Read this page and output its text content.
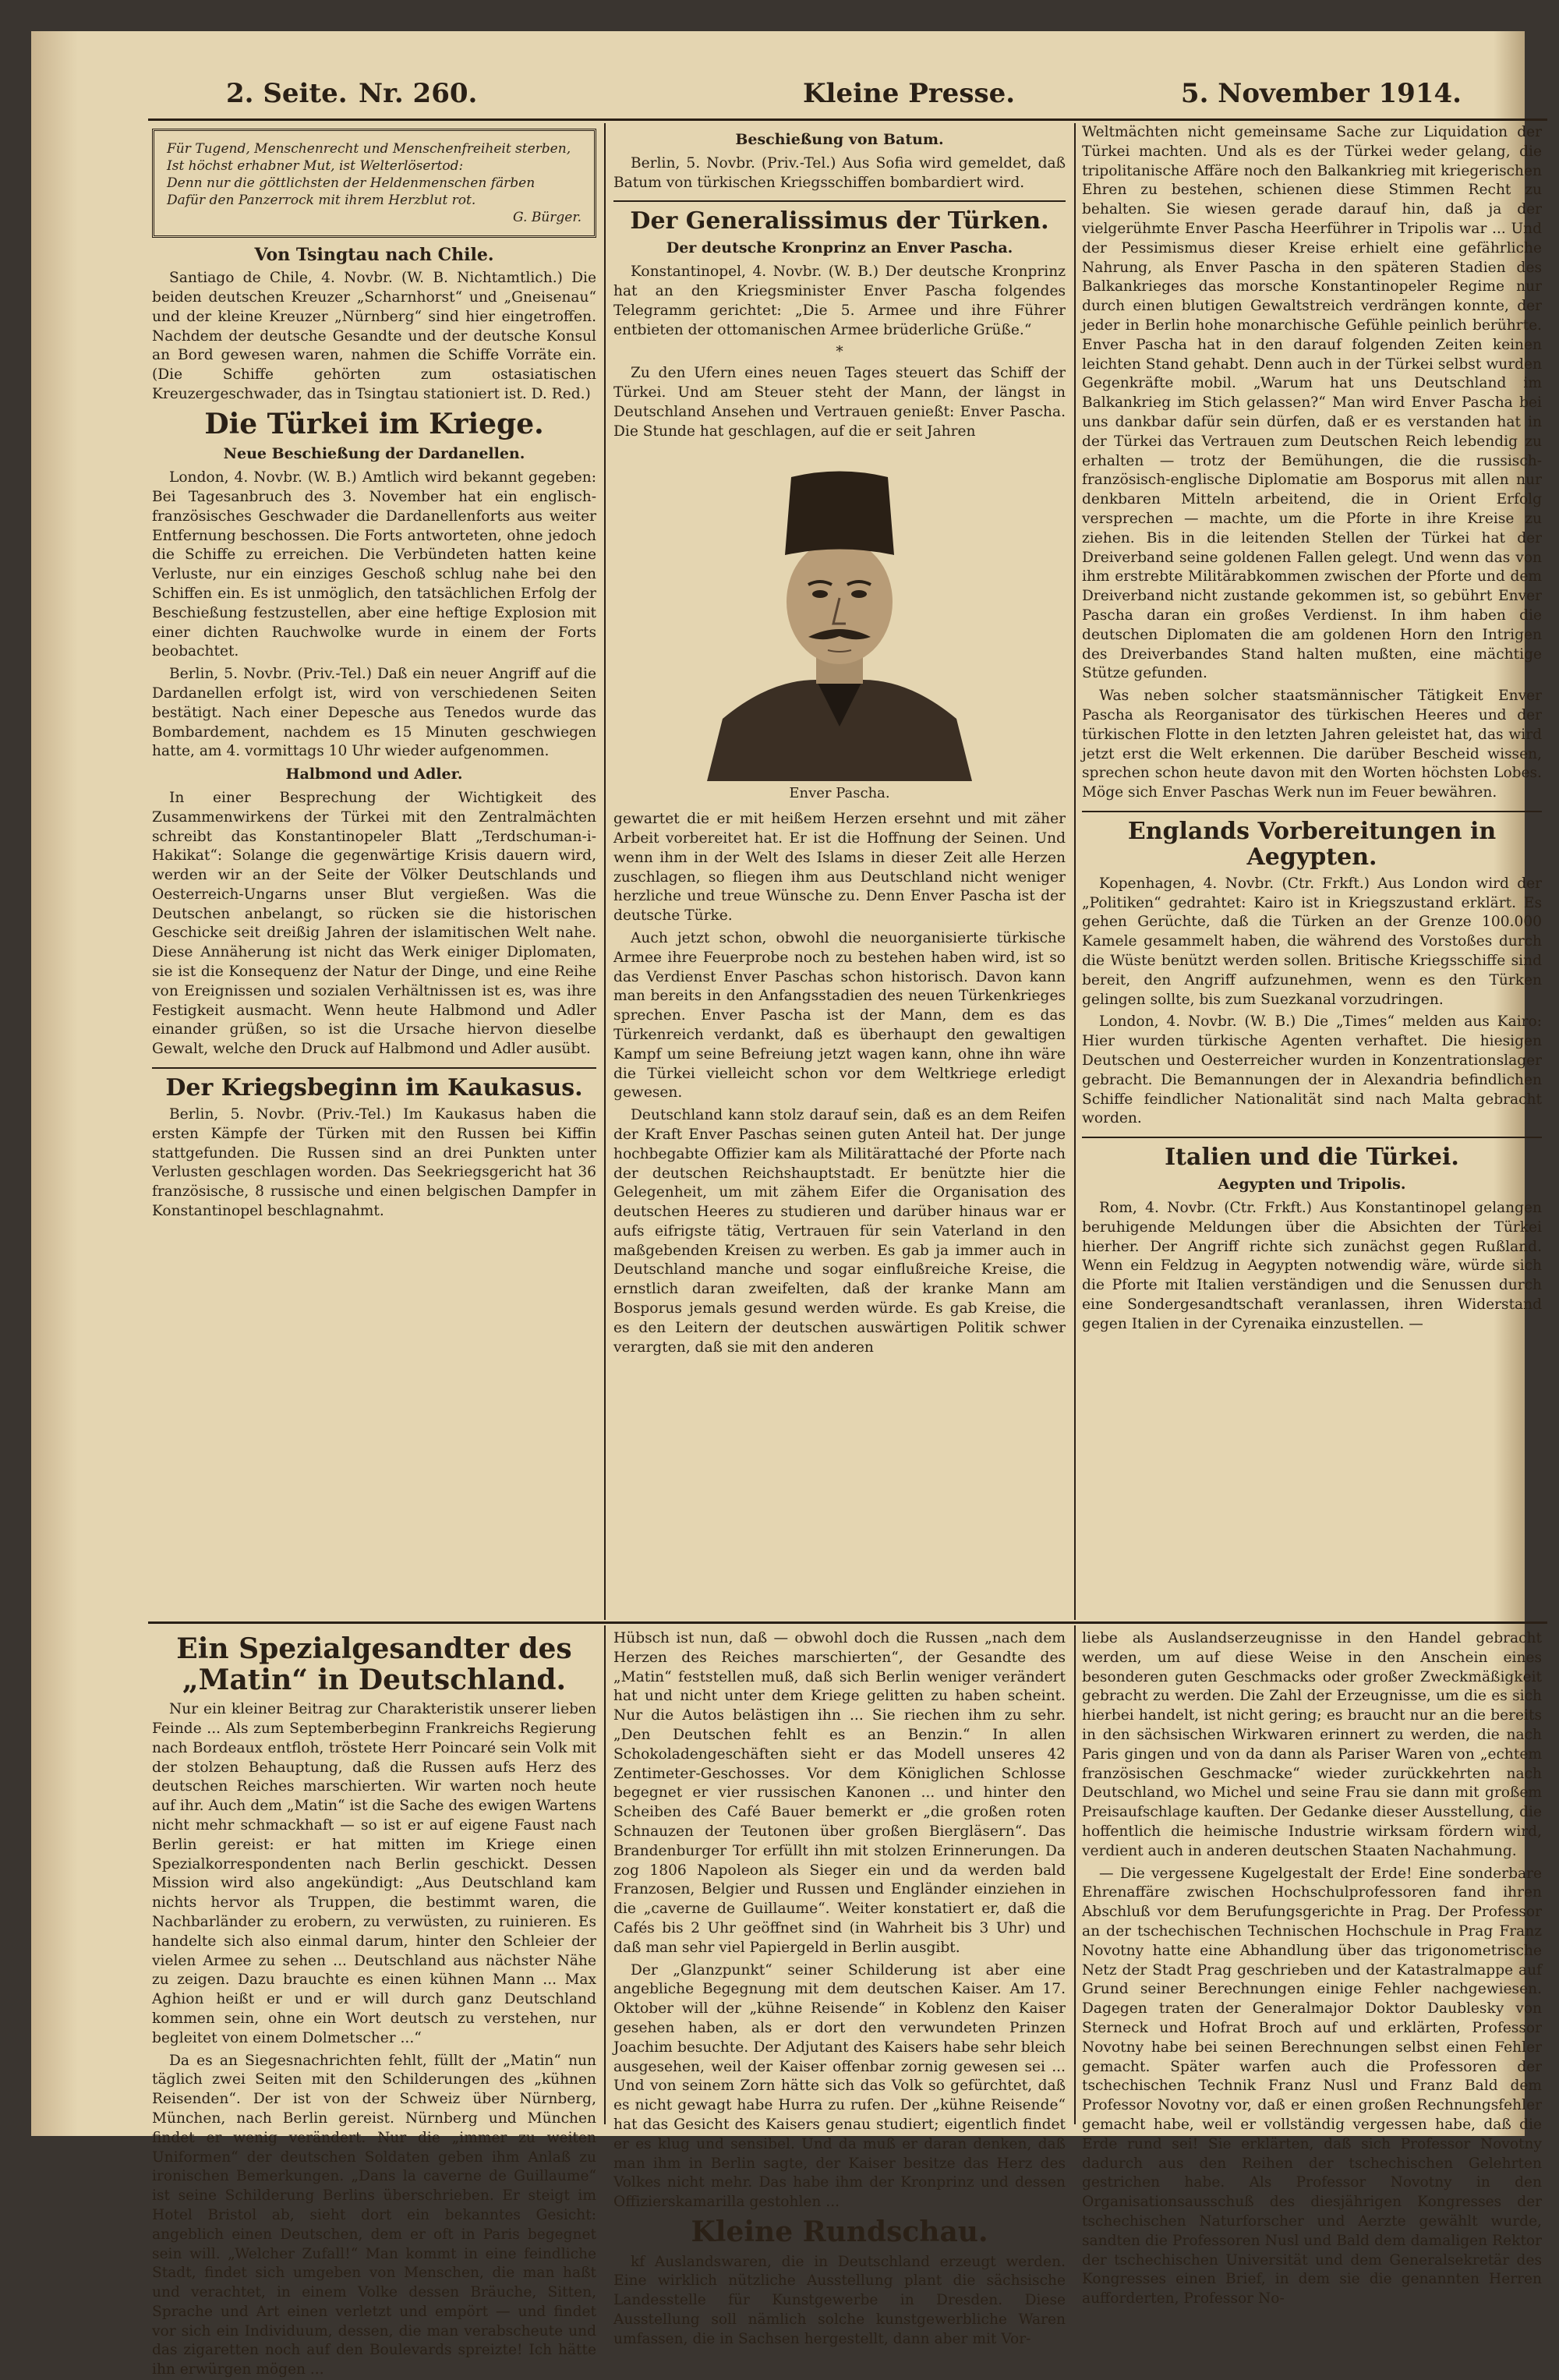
2. Seite. Nr. 260.	Kleine Presse.	5. November 1914.
Für Tugend, Menschenrecht und Menschenfreiheit sterben,
Ist höchst erhabner Mut, ist Welterlösertod:
Denn nur die göttlichsten der Heldenmenschen färben
Dafür den Panzerrock mit ihrem Herzblut rot.
G. Bürger.
Von Tsingtau nach Chile.

Santiago de Chile, 4. Novbr. (W. B. Nichtamtlich.) Die beiden deutschen Kreuzer „Scharnhorst“ und „Gneisenau“ und der kleine Kreuzer „Nürnberg“ sind hier eingetroffen. Nachdem der deutsche Gesandte und der deutsche Konsul an Bord gewesen waren, nahmen die Schiffe Vorräte ein. (Die Schiffe gehörten zum ostasiatischen Kreuzergeschwader, das in Tsingtau stationiert ist. D. Red.)

Die Türkei im Kriege.
Neue Beschießung der Dardanellen.

London, 4. Novbr. (W. B.) Amtlich wird bekannt gegeben: Bei Tagesanbruch des 3. November hat ein englisch-französisches Geschwader die Dardanellenforts aus weiter Entfernung beschossen. Die Forts antworteten, ohne jedoch die Schiffe zu erreichen. Die Verbündeten hatten keine Verluste, nur ein einziges Geschoß schlug nahe bei den Schiffen ein. Es ist unmöglich, den tatsächlichen Erfolg der Beschießung festzustellen, aber eine heftige Explosion mit einer dichten Rauchwolke wurde in einem der Forts beobachtet.

Berlin, 5. Novbr. (Priv.-Tel.) Daß ein neuer Angriff auf die Dardanellen erfolgt ist, wird von verschiedenen Seiten bestätigt. Nach einer Depesche aus Tenedos wurde das Bombardement, nachdem es 15 Minuten geschwiegen hatte, am 4. vormittags 10 Uhr wieder aufgenommen.

Halbmond und Adler.

In einer Besprechung der Wichtigkeit des Zusammenwirkens der Türkei mit den Zentralmächten schreibt das Konstantinopeler Blatt „Terdschuman-i-Hakikat“: Solange die gegenwärtige Krisis dauern wird, werden wir an der Seite der Völker Deutschlands und Oesterreich-Ungarns unser Blut vergießen. Was die Deutschen anbelangt, so rücken sie die historischen Geschicke seit dreißig Jahren der islamitischen Welt nahe. Diese Annäherung ist nicht das Werk einiger Diplomaten, sie ist die Konsequenz der Natur der Dinge, und eine Reihe von Ereignissen und sozialen Verhältnissen ist es, was ihre Festigkeit ausmacht. Wenn heute Halbmond und Adler einander grüßen, so ist die Ursache hiervon dieselbe Gewalt, welche den Druck auf Halbmond und Adler ausübt.

Der Kriegsbeginn im Kaukasus.

Berlin, 5. Novbr. (Priv.-Tel.) Im Kaukasus haben die ersten Kämpfe der Türken mit den Russen bei Kiffin stattgefunden. Die Russen sind an drei Punkten unter Verlusten geschlagen worden. Das Seekriegsgericht hat 36 französische, 8 russische und einen belgischen Dampfer in Konstantinopel beschlagnahmt.

Beschießung von Batum.

Berlin, 5. Novbr. (Priv.-Tel.) Aus Sofia wird gemeldet, daß Batum von türkischen Kriegsschiffen bombardiert wird.

Der Generalissimus der Türken.
Der deutsche Kronprinz an Enver Pascha.

Konstantinopel, 4. Novbr. (W. B.) Der deutsche Kronprinz hat an den Kriegsminister Enver Pascha folgendes Telegramm gerichtet: „Die 5. Armee und ihre Führer entbieten der ottomanischen Armee brüderliche Grüße.“

*

Zu den Ufern eines neuen Tages steuert das Schiff der Türkei. Und am Steuer steht der Mann, der längst in Deutschland Ansehen und Vertrauen genießt: Enver Pascha. Die Stunde hat geschlagen, auf die er seit Jahren

Enver Pascha.

gewartet die er mit heißem Herzen ersehnt und mit zäher Arbeit vorbereitet hat. Er ist die Hoffnung der Seinen. Und wenn ihm in der Welt des Islams in dieser Zeit alle Herzen zuschlagen, so fliegen ihm aus Deutschland nicht weniger herzliche und treue Wünsche zu. Denn Enver Pascha ist der deutsche Türke.

Auch jetzt schon, obwohl die neuorganisierte türkische Armee ihre Feuerprobe noch zu bestehen haben wird, ist so das Verdienst Enver Paschas schon historisch. Davon kann man bereits in den Anfangsstadien des neuen Türkenkrieges sprechen. Enver Pascha ist der Mann, dem es das Türkenreich verdankt, daß es überhaupt den gewaltigen Kampf um seine Befreiung jetzt wagen kann, ohne ihn wäre die Türkei vielleicht schon vor dem Weltkriege erledigt gewesen.

Deutschland kann stolz darauf sein, daß es an dem Reifen der Kraft Enver Paschas seinen guten Anteil hat. Der junge hochbegabte Offizier kam als Militärattaché der Pforte nach der deutschen Reichshauptstadt. Er benützte hier die Gelegenheit, um mit zähem Eifer die Organisation des deutschen Heeres zu studieren und darüber hinaus war er aufs eifrigste tätig, Vertrauen für sein Vaterland in den maßgebenden Kreisen zu werben. Es gab ja immer auch in Deutschland manche und sogar einflußreiche Kreise, die ernstlich daran zweifelten, daß der kranke Mann am Bosporus jemals gesund werden würde. Es gab Kreise, die es den Leitern der deutschen auswärtigen Politik schwer verargten, daß sie mit den anderen

Weltmächten nicht gemeinsame Sache zur Liquidation der Türkei machten. Und als es der Türkei weder gelang, die tripolitanische Affäre noch den Balkankrieg mit kriegerischen Ehren zu bestehen, schienen diese Stimmen Recht zu behalten. Sie wiesen gerade darauf hin, daß ja der vielgerühmte Enver Pascha Heerführer in Tripolis war ... Und der Pessimismus dieser Kreise erhielt eine gefährliche Nahrung, als Enver Pascha in den späteren Stadien des Balkankrieges das morsche Konstantinopeler Regime nur durch einen blutigen Gewaltstreich verdrängen konnte, der jeder in Berlin hohe monarchische Gefühle peinlich berührte. Enver Pascha hat in den darauf folgenden Zeiten keinen leichten Stand gehabt. Denn auch in der Türkei selbst wurden Gegenkräfte mobil. „Warum hat uns Deutschland im Balkankrieg im Stich gelassen?“ Man wird Enver Pascha bei uns dankbar dafür sein dürfen, daß er es verstanden hat in der Türkei das Vertrauen zum Deutschen Reich lebendig zu erhalten — trotz der Bemühungen, die die russisch-französisch-englische Diplomatie am Bosporus mit allen nur denkbaren Mitteln arbeitend, die in Orient Erfolg versprechen — machte, um die Pforte in ihre Kreise zu ziehen. Bis in die leitenden Stellen der Türkei hat der Dreiverband seine goldenen Fallen gelegt. Und wenn das von ihm erstrebte Militärabkommen zwischen der Pforte und dem Dreiverband nicht zustande gekommen ist, so gebührt Enver Pascha daran ein großes Verdienst. In ihm haben die deutschen Diplomaten die am goldenen Horn den Intrigen des Dreiverbandes Stand halten mußten, eine mächtige Stütze gefunden.

Was neben solcher staatsmännischer Tätigkeit Enver Pascha als Reorganisator des türkischen Heeres und der türkischen Flotte in den letzten Jahren geleistet hat, das wird jetzt erst die Welt erkennen. Die darüber Bescheid wissen, sprechen schon heute davon mit den Worten höchsten Lobes. Möge sich Enver Paschas Werk nun im Feuer bewähren.

Englands Vorbereitungen in Aegypten.

Kopenhagen, 4. Novbr. (Ctr. Frkft.) Aus London wird der „Politiken“ gedrahtet: Kairo ist in Kriegszustand erklärt. Es gehen Gerüchte, daß die Türken an der Grenze 100.000 Kamele gesammelt haben, die während des Vorstoßes durch die Wüste benützt werden sollen. Britische Kriegsschiffe sind bereit, den Angriff aufzunehmen, wenn es den Türken gelingen sollte, bis zum Suezkanal vorzudringen.

London, 4. Novbr. (W. B.) Die „Times“ melden aus Kairo: Hier wurden türkische Agenten verhaftet. Die hiesigen Deutschen und Oesterreicher wurden in Konzentrationslager gebracht. Die Bemannungen der in Alexandria befindlichen Schiffe feindlicher Nationalität sind nach Malta gebracht worden.

Italien und die Türkei.
Aegypten und Tripolis.

Rom, 4. Novbr. (Ctr. Frkft.) Aus Konstantinopel gelangen beruhigende Meldungen über die Absichten der Türkei hierher. Der Angriff richte sich zunächst gegen Rußland. Wenn ein Feldzug in Aegypten notwendig wäre, würde sich die Pforte mit Italien verständigen und die Senussen durch eine Sondergesandtschaft veranlassen, ihren Widerstand gegen Italien in der Cyrenaika einzustellen. —

Ein Spezialgesandter des „Matin“ in Deutschland.

Nur ein kleiner Beitrag zur Charakteristik unserer lieben Feinde ... Als zum Septemberbeginn Frankreichs Regierung nach Bordeaux entfloh, tröstete Herr Poincaré sein Volk mit der stolzen Behauptung, daß die Russen aufs Herz des deutschen Reiches marschierten. Wir warten noch heute auf ihr. Auch dem „Matin“ ist die Sache des ewigen Wartens nicht mehr schmackhaft — so ist er auf eigene Faust nach Berlin gereist: er hat mitten im Kriege einen Spezialkorrespondenten nach Berlin geschickt. Dessen Mission wird also angekündigt: „Aus Deutschland kam nichts hervor als Truppen, die bestimmt waren, die Nachbarländer zu erobern, zu verwüsten, zu ruinieren. Es handelte sich also einmal darum, hinter den Schleier der vielen Armee zu sehen ... Deutschland aus nächster Nähe zu zeigen. Dazu brauchte es einen kühnen Mann ... Max Aghion heißt er und er will durch ganz Deutschland kommen sein, ohne ein Wort deutsch zu verstehen, nur begleitet von einem Dolmetscher ...“

Da es an Siegesnachrichten fehlt, füllt der „Matin“ nun täglich zwei Seiten mit den Schilderungen des „kühnen Reisenden“. Der ist von der Schweiz über Nürnberg, München, nach Berlin gereist. Nürnberg und München findet er wenig verändert. Nur die „immer zu weiten Uniformen“ der deutschen Soldaten geben ihm Anlaß zu ironischen Bemerkungen. „Dans la caverne de Guillaume“ ist seine Schilderung Berlins überschrieben. Er steigt im Hotel Bristol ab, sieht dort ein bekanntes Gesicht: angeblich einen Deutschen, dem er oft in Paris begegnet sein will. „Welcher Zufall!“ Man kommt in eine feindliche Stadt, findet sich umgeben von Menschen, die man haßt und verachtet, in einem Volke dessen Bräuche, Sitten, Sprache und Art einen verletzt und empört — und findet vor sich ein Individuum, dessen, die man verabscheute und das zigaretten noch auf den Boulevards spreizte! Ich hätte ihn erwürgen mögen ...

Hübsch ist nun, daß — obwohl doch die Russen „nach dem Herzen des Reiches marschierten“, der Gesandte des „Matin“ feststellen muß, daß sich Berlin weniger verändert hat und nicht unter dem Kriege gelitten zu haben scheint. Nur die Autos belästigen ihn ... Sie riechen ihm zu sehr. „Den Deutschen fehlt es an Benzin.“ In allen Schokoladengeschäften sieht er das Modell unseres 42 Zentimeter-Geschosses. Vor dem Königlichen Schlosse begegnet er vier russischen Kanonen ... und hinter den Scheiben des Café Bauer bemerkt er „die großen roten Schnauzen der Teutonen über großen Biergläsern“. Das Brandenburger Tor erfüllt ihn mit stolzen Erinnerungen. Da zog 1806 Napoleon als Sieger ein und da werden bald Franzosen, Belgier und Russen und Engländer einziehen in die „caverne de Guillaume“. Weiter konstatiert er, daß die Cafés bis 2 Uhr geöffnet sind (in Wahrheit bis 3 Uhr) und daß man sehr viel Papiergeld in Berlin ausgibt.

Der „Glanzpunkt“ seiner Schilderung ist aber eine angebliche Begegnung mit dem deutschen Kaiser. Am 17. Oktober will der „kühne Reisende“ in Koblenz den Kaiser gesehen haben, als er dort den verwundeten Prinzen Joachim besuchte. Der Adjutant des Kaisers habe sehr bleich ausgesehen, weil der Kaiser offenbar zornig gewesen sei ... Und von seinem Zorn hätte sich das Volk so gefürchtet, daß es nicht gewagt habe Hurra zu rufen. Der „kühne Reisende“ hat das Gesicht des Kaisers genau studiert; eigentlich findet er es klug und sensibel. Und da muß er daran denken, daß man ihm in Berlin sagte, der Kaiser besitze das Herz des Volkes nicht mehr. Das habe ihm der Kronprinz und dessen Offizierskamarilla gestohlen ...

Kleine Rundschau.

kf Auslandswaren, die in Deutschland erzeugt werden. Eine wirklich nützliche Ausstellung plant die sächsische Landesstelle für Kunstgewerbe in Dresden. Diese Ausstellung soll nämlich solche kunstgewerbliche Waren umfassen, die in Sachsen hergestellt, dann aber mit Vor-

liebe als Auslandserzeugnisse in den Handel gebracht werden, um auf diese Weise in den Anschein eines besonderen guten Geschmacks oder großer Zweckmäßigkeit gebracht zu werden. Die Zahl der Erzeugnisse, um die es sich hierbei handelt, ist nicht gering; es braucht nur an die bereits in den sächsischen Wirkwaren erinnert zu werden, die nach Paris gingen und von da dann als Pariser Waren von „echtem französischen Geschmacke“ wieder zurückkehrten nach Deutschland, wo Michel und seine Frau sie dann mit großem Preisaufschlage kauften. Der Gedanke dieser Ausstellung, die hoffentlich die heimische Industrie wirksam fördern wird, verdient auch in anderen deutschen Staaten Nachahmung.

— Die vergessene Kugelgestalt der Erde! Eine sonderbare Ehrenaffäre zwischen Hochschulprofessoren fand ihren Abschluß vor dem Berufungsgerichte in Prag. Der Professor an der tschechischen Technischen Hochschule in Prag Franz Novotny hatte eine Abhandlung über das trigonometrische Netz der Stadt Prag geschrieben und der Katastralmappe auf Grund seiner Berechnungen einige Fehler nachgewiesen. Dagegen traten der Generalmajor Doktor Daublesky von Sterneck und Hofrat Broch auf und erklärten, Professor Novotny habe bei seinen Berechnungen selbst einen Fehler gemacht. Später warfen auch die Professoren der tschechischen Technik Franz Nusl und Franz Bald dem Professor Novotny vor, daß er einen großen Rechnungsfehler gemacht habe, weil er vollständig vergessen habe, daß die Erde rund sei! Sie erklärten, daß sich Professor Novotny dadurch aus den Reihen der tschechischen Gelehrten gestrichen habe. Als Professor Novotny in den Organisationsausschuß des diesjährigen Kongresses der tschechischen Naturforscher und Aerzte gewählt wurde, sandten die Professoren Nusl und Bald dem damaligen Rektor der tschechischen Universität und dem Generalsekretär des Kongresses einen Brief, in dem sie die genannten Herren aufforderten, Professor No-
